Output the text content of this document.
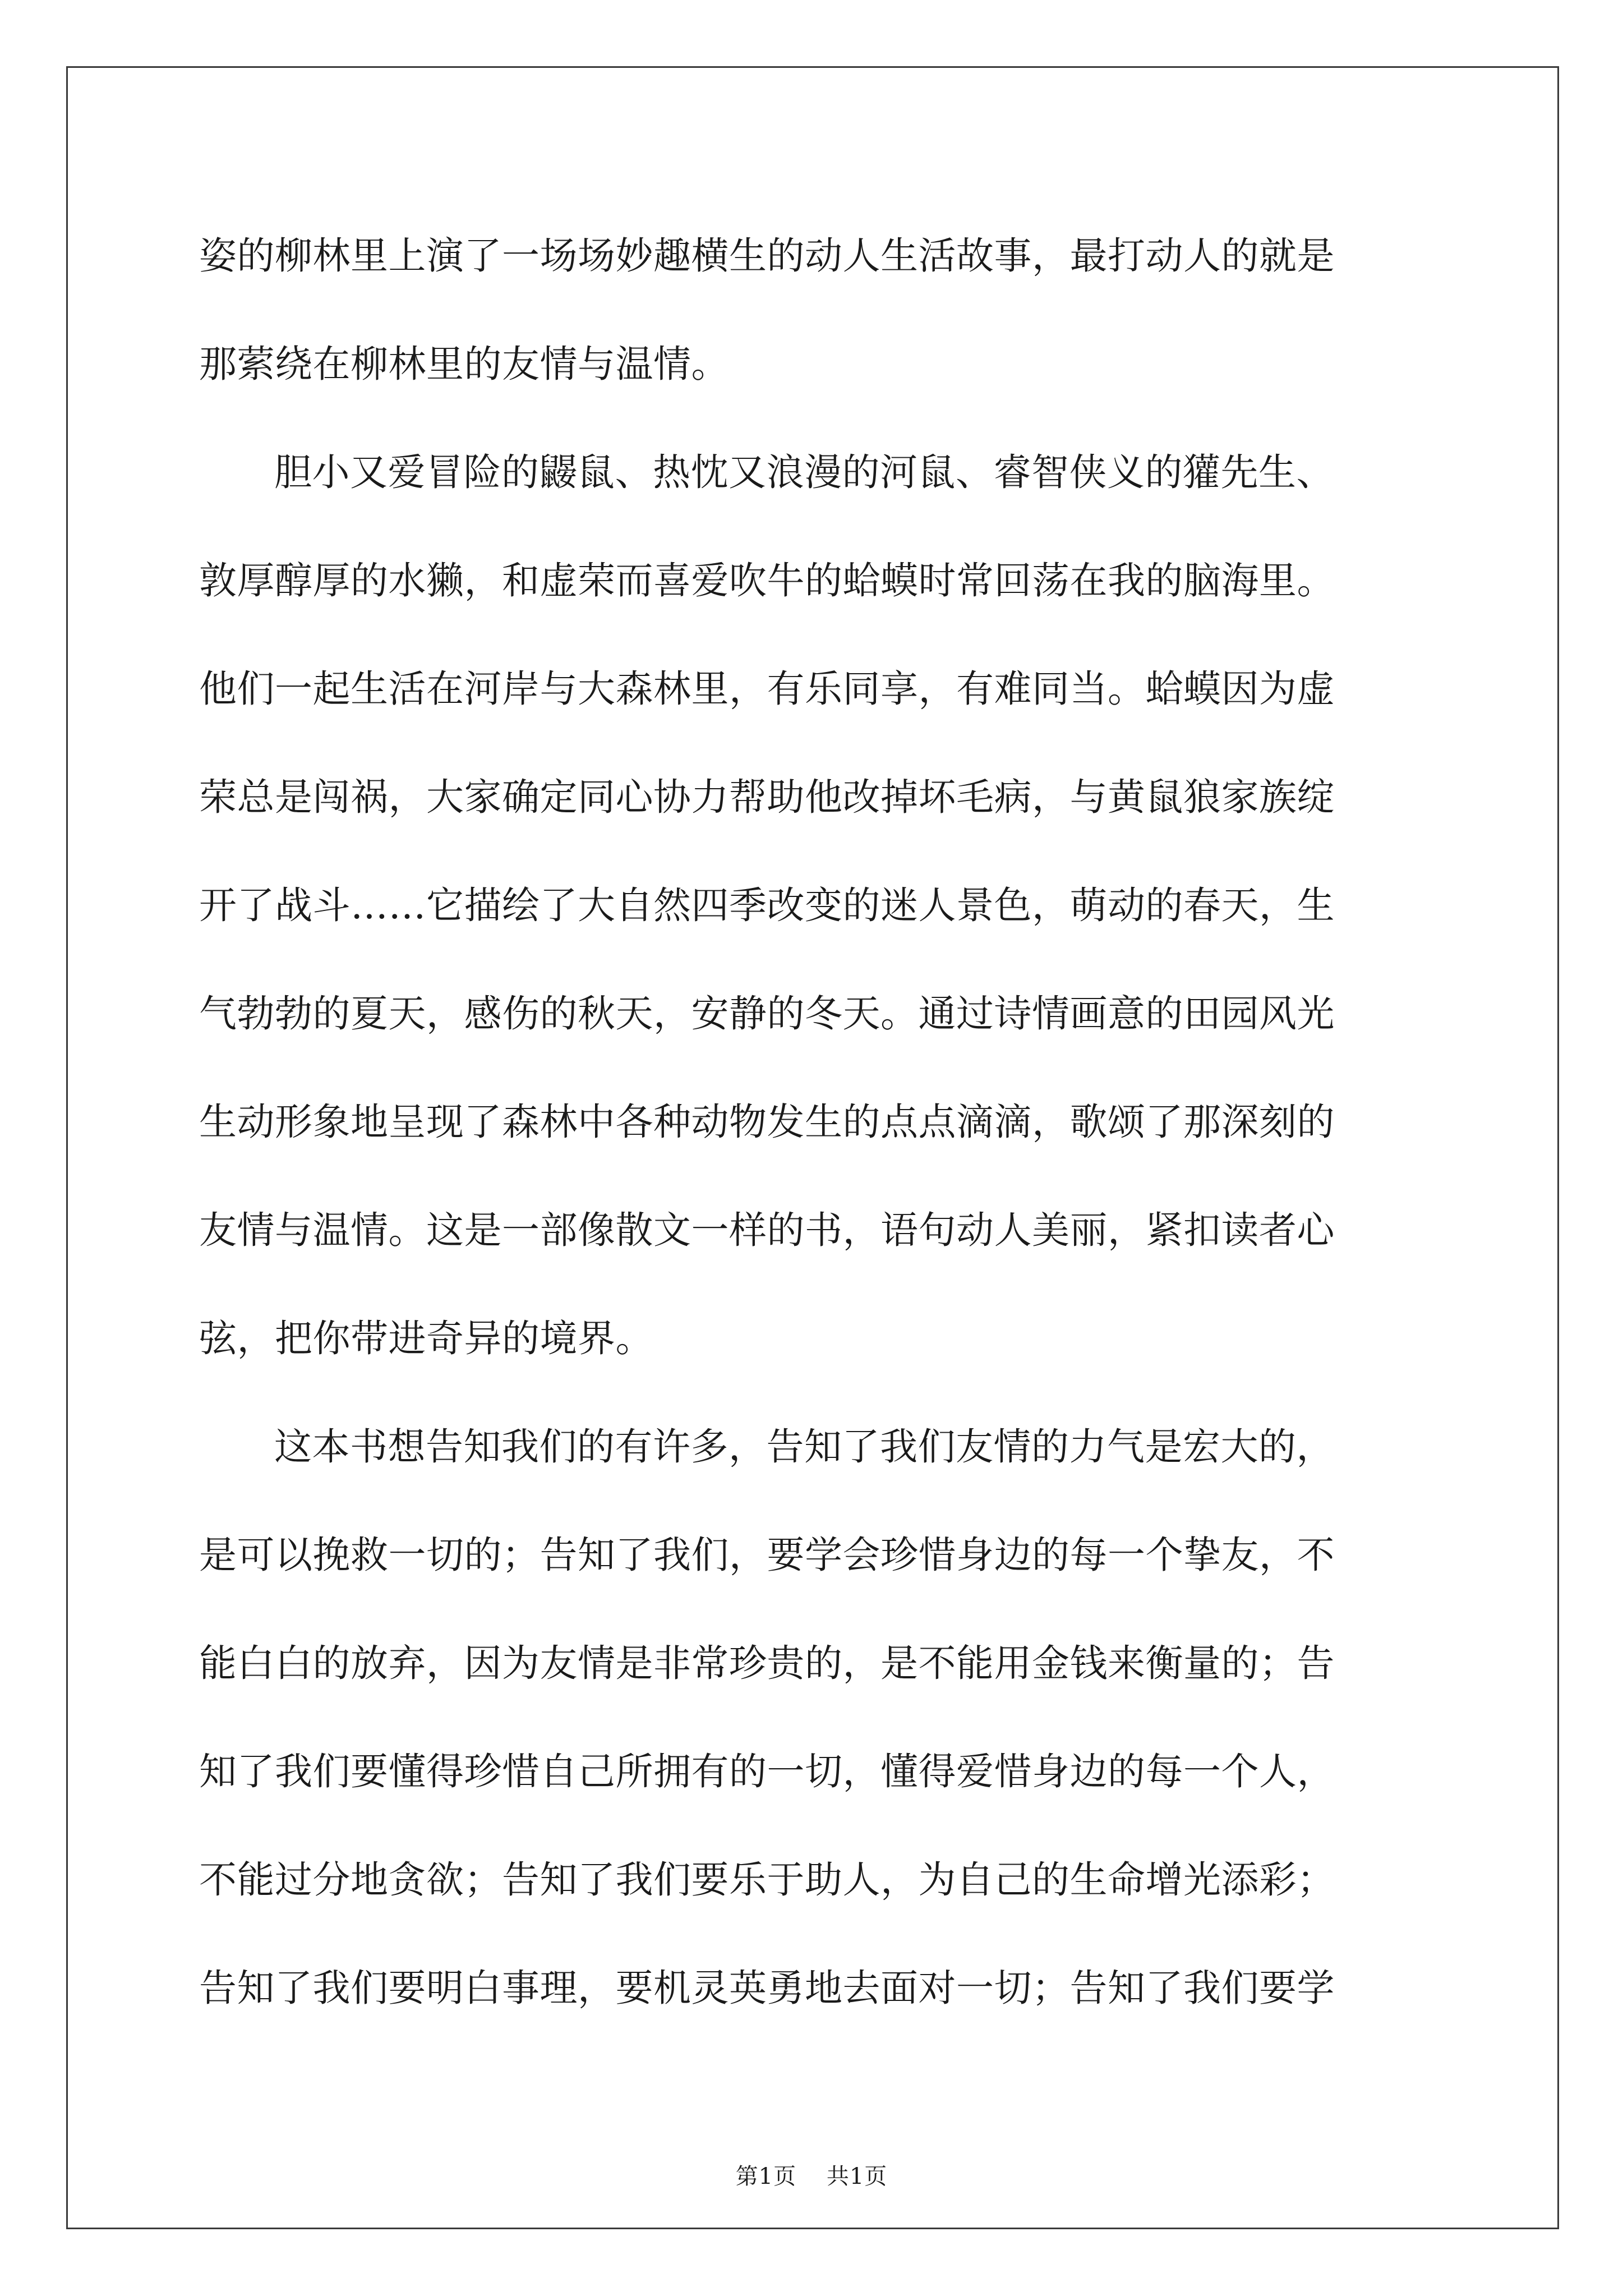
姿的柳林里上演了一场场妙趣横生的动人生活故事，最打动人的就是
那萦绕在柳林里的友情与温情。

胆小又爱冒险的鼹鼠、热忱又浪漫的河鼠、睿智侠义的獾先生、
敦厚醇厚的水獭，和虚荣而喜爱吹牛的蛤蟆时常回荡在我的脑海里。
他们一起生活在河岸与大森林里，有乐同享，有难同当。蛤蟆因为虚
荣总是闯祸，大家确定同心协力帮助他改掉坏毛病，与黄鼠狼家族绽
开了战斗……它描绘了大自然四季改变的迷人景色，萌动的春天，生
气勃勃的夏天，感伤的秋天，安静的冬天。通过诗情画意的田园风光
生动形象地呈现了森林中各种动物发生的点点滴滴，歌颂了那深刻的
友情与温情。这是一部像散文一样的书，语句动人美丽，紧扣读者心
弦，把你带进奇异的境界。

这本书想告知我们的有许多，告知了我们友情的力气是宏大的，
是可以挽救一切的；告知了我们，要学会珍惜身边的每一个挚友，不
能白白的放弃，因为友情是非常珍贵的，是不能用金钱来衡量的；告
知了我们要懂得珍惜自己所拥有的一切，懂得爱惜身边的每一个人，
不能过分地贪欲；告知了我们要乐于助人，为自己的生命增光添彩；
告知了我们要明白事理，要机灵英勇地去面对一切；告知了我们要学

第1页 共1页
